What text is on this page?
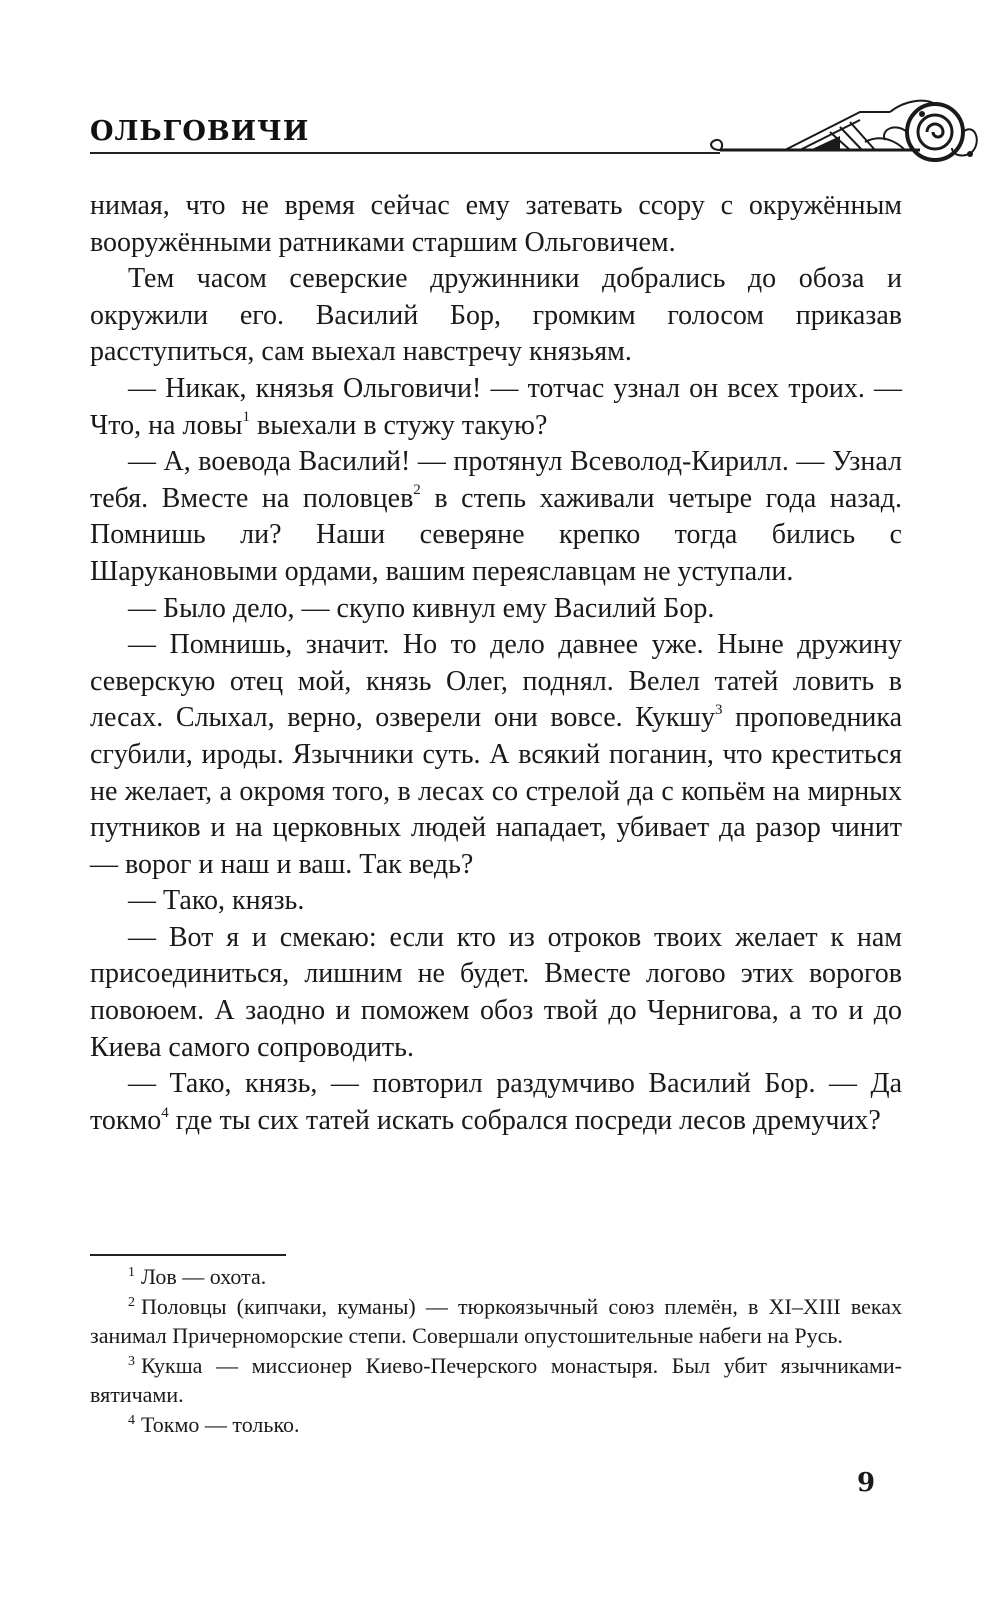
ОЛЬГОВИЧИ

нимая, что не время сейчас ему затевать ссору с окружённым вооружёнными ратниками старшим Ольговичем.

Тем часом северские дружинники добрались до обоза и окружили его. Василий Бор, громким голосом приказав расступиться, сам выехал навстречу князьям.

— Никак, князья Ольговичи! — тотчас узнал он всех троих. — Что, на ловы$^1$ выехали в стужу такую?

— А, воевода Василий! — протянул Всеволод-Кирилл. — Узнал тебя. Вместе на половцев$^2$ в степь хаживали четыре года назад. Помнишь ли? Наши северяне крепко тогда бились с Шарукановыми ордами, вашим переяславцам не уступали.

— Было дело, — скупо кивнул ему Василий Бор.

— Помнишь, значит. Но то дело давнее уже. Ныне дружину северскую отец мой, князь Олег, поднял. Велел татей ловить в лесах. Слыхал, верно, озверели они вовсе. Кукшу$^3$ проповедника сгубили, ироды. Язычники суть. А всякий поганин, что креститься не желает, а окромя того, в лесах со стрелой да с копьём на мирных путников и на церковных людей нападает, убивает да разор чинит — ворог и наш и ваш. Так ведь?

— Тако, князь.

— Вот я и смекаю: если кто из отроков твоих желает к нам присоединиться, лишним не будет. Вместе логово этих ворогов повоюем. А заодно и поможем обоз твой до Чернигова, а то и до Киева самого сопроводить.

— Тако, князь, — повторил раздумчиво Василий Бор. — Да токмо$^4$ где ты сих татей искать собрался посреди лесов дремучих?

$^1$ Лов — охота.

$^2$ Половцы (кипчаки, куманы) — тюркоязычный союз племён, в XI–XIII веках занимал Причерноморские степи. Совершали опустошительные набеги на Русь.

$^3$ Кукша — миссионер Киево-Печерского монастыря. Был убит язычниками-вятичами.

$^4$ Токмо — только.

9
